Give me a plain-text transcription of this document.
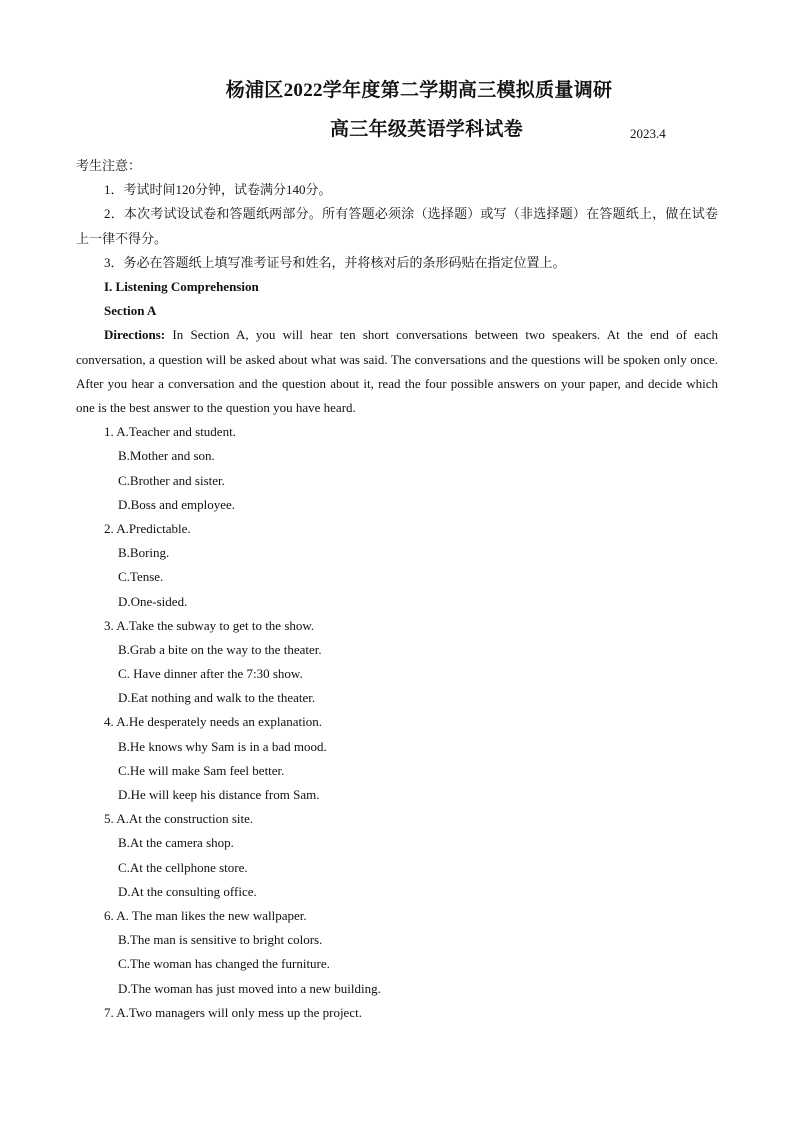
杨浦区2022学年度第二学期高三模拟质量调研
高三年级英语学科试卷	2023.4
考生注意：
1．考试时间120分钟，试卷满分140分。
2．本次考试设试卷和答题纸两部分。所有答题必须涂（选择题）或写（非选择题）在答题纸上，做在试卷上一律不得分。
3．务必在答题纸上填写准考证号和姓名，并将核对后的条形码贴在指定位置上。
I. Listening Comprehension
Section A
Directions: In Section A, you will hear ten short conversations between two speakers. At the end of each conversation, a question will be asked about what was said. The conversations and the questions will be spoken only once. After you hear a conversation and the question about it, read the four possible answers on your paper, and decide which one is the best answer to the question you have heard.
1. A.Teacher and student.
B.Mother and son.
C.Brother and sister.
D.Boss and employee.
2. A.Predictable.
B.Boring.
C.Tense.
D.One-sided.
3. A.Take the subway to get to the show.
B.Grab a bite on the way to the theater.
C. Have dinner after the 7:30 show.
D.Eat nothing and walk to the theater.
4. A.He desperately needs an explanation.
B.He knows why Sam is in a bad mood.
C.He will make Sam feel better.
D.He will keep his distance from Sam.
5. A.At the construction site.
B.At the camera shop.
C.At the cellphone store.
D.At the consulting office.
6. A. The man likes the new wallpaper.
B.The man is sensitive to bright colors.
C.The woman has changed the furniture.
D.The woman has just moved into a new building.
7. A.Two managers will only mess up the project.
